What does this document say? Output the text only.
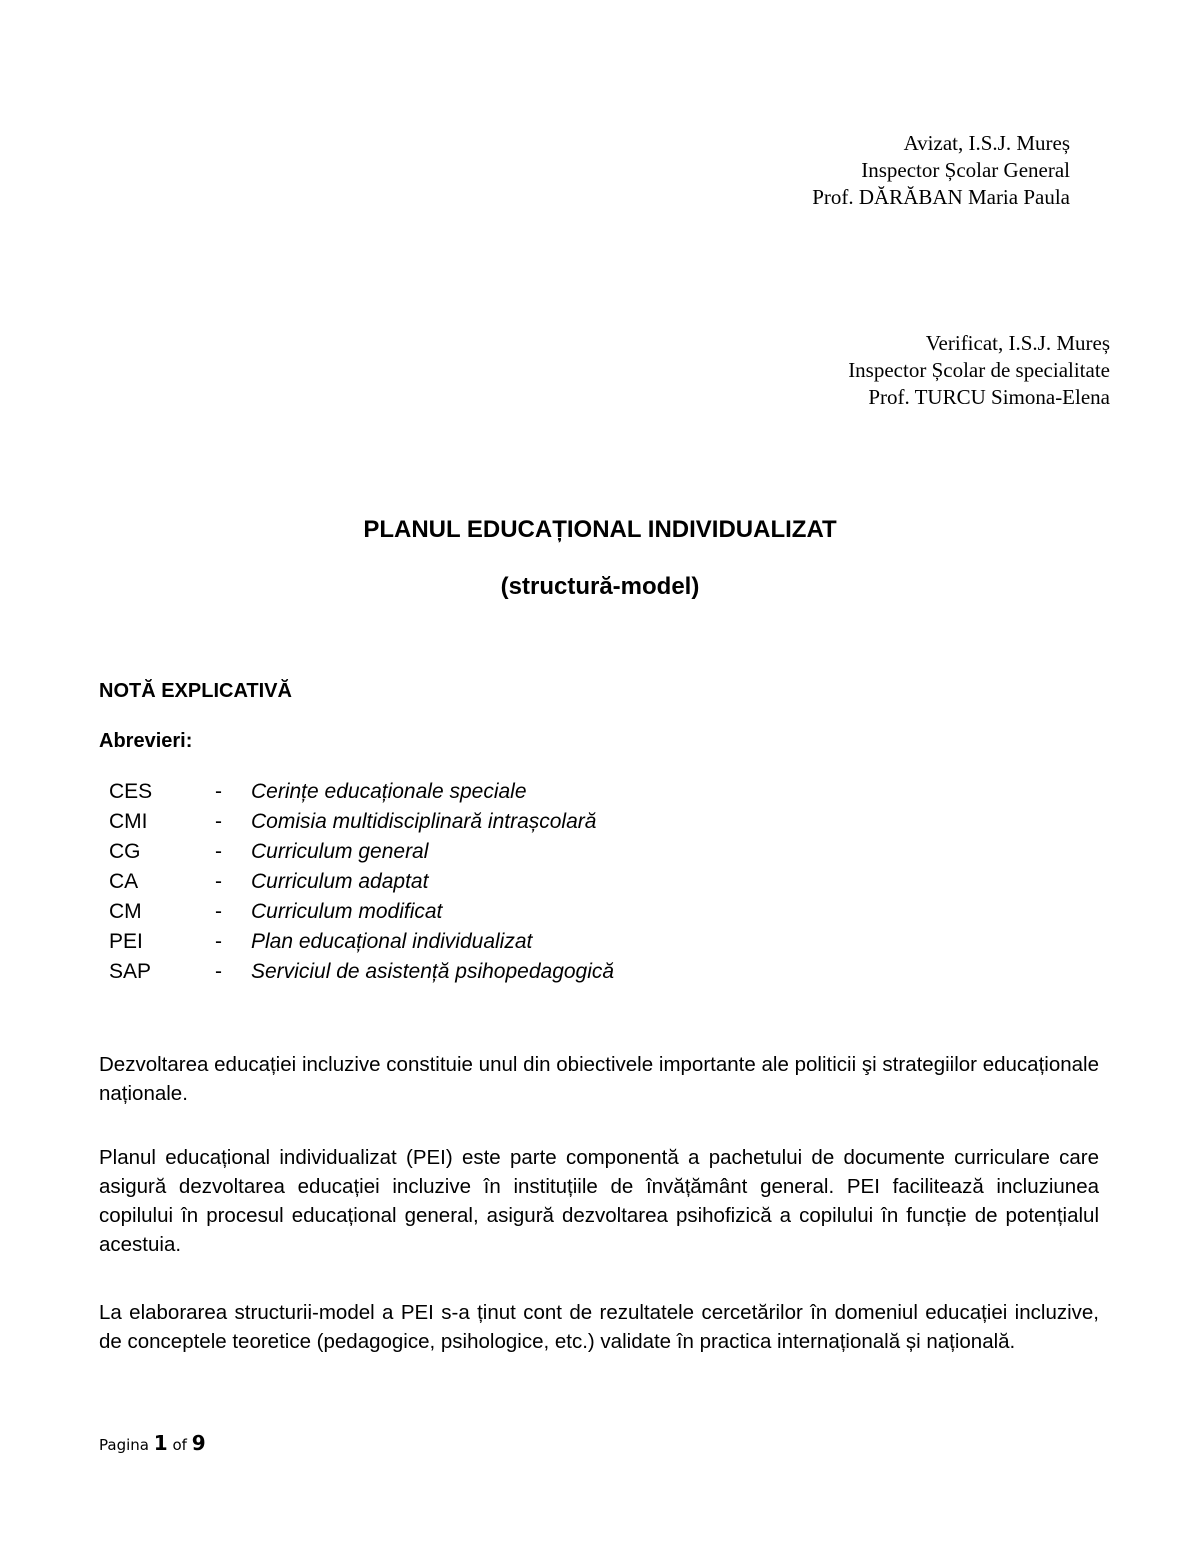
Avizat, I.S.J. Mureș
Inspector Școlar General
Prof. DĂRĂBAN Maria Paula
Verificat, I.S.J. Mureș
Inspector Școlar de specialitate
Prof. TURCU Simona-Elena
PLANUL EDUCAȚIONAL INDIVIDUALIZAT
(structură-model)
NOTĂ EXPLICATIVĂ
Abrevieri:
CES	- Cerințe educaționale speciale
CMI	- Comisia multidisciplinară intrașcolară
CG	- Curriculum general
CA	- Curriculum adaptat
CM	- Curriculum modificat
PEI	- Plan educațional individualizat
SAP	- Serviciul de asistență psihopedagogică

Dezvoltarea educației incluzive constituie unul din obiectivele importante ale politicii şi strategiilor educaționale naționale.

Planul educațional individualizat (PEI) este parte componentă a pachetului de documente curriculare care asigură dezvoltarea educației incluzive în instituțiile de învățământ general. PEI facilitează incluziunea copilului în procesul educațional general, asigură dezvoltarea psihofizică a copilului în funcție de potențialul acestuia.

La elaborarea structurii-model a PEI s-a ținut cont de rezultatele cercetărilor în domeniul educației incluzive, de conceptele teoretice (pedagogice, psihologice, etc.) validate în practica internațională și națională.

Pagina 1 of 9
